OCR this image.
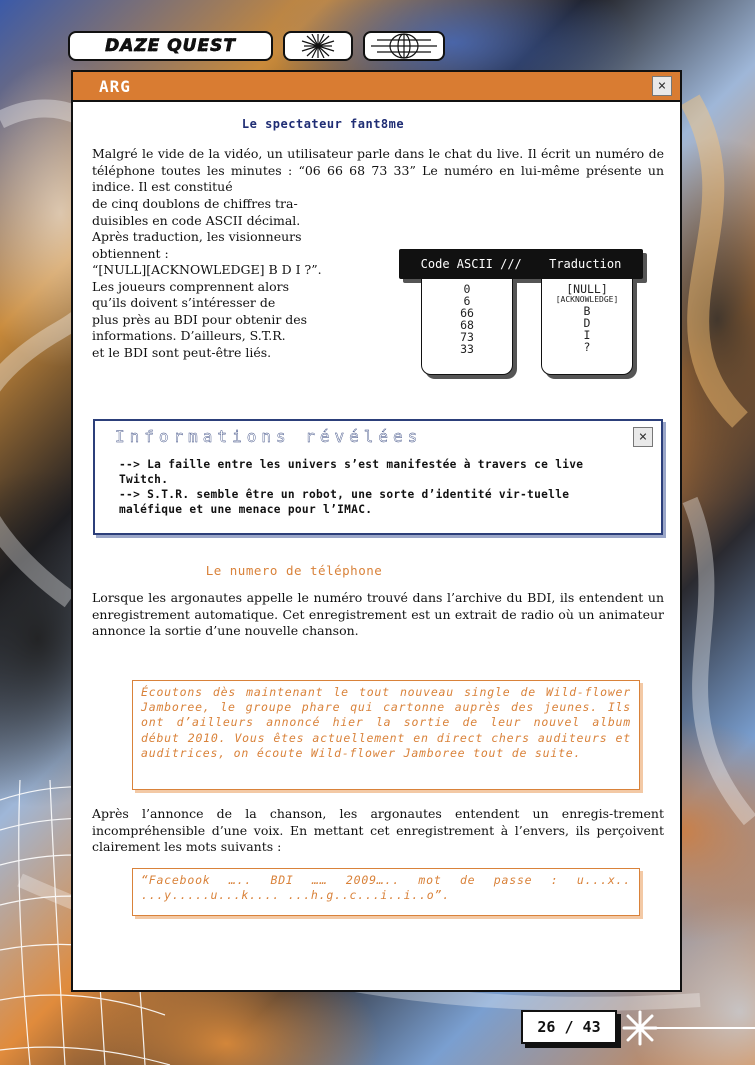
DAZE QUEST
ARG	×
Le spectateur fant8me

Malgré le vide de la vidéo, un utilisateur parle dans le chat du live. Il écrit un numéro de téléphone toutes les minutes : “06 66 68 73 33” Le numéro en lui-même présente un indice. Il est constitué

de cinq doublons de chiffres tra-
duisibles en code ASCII décimal.
Après traduction, les visionneurs
obtiennent :
“[NULL][ACKNOWLEDGE] B D I ?”.
Les joueurs comprennent alors
qu’ils doivent s’intéresser de
plus près au BDI pour obtenir des
informations. D’ailleurs, S.T.R.
et le BDI sont peut-être liés.

Code ASCII /// Traduction
0
6
66
68
73
33
[NULL]
[ACKNOWLEDGE]
B
D
I
?
Informations révélées	×
--> La faille entre les univers s’est manifestée à travers ce live Twitch.
--> S.T.R. semble être un robot, une sorte d’identité vir-tuelle maléfique et une menace pour l’IMAC.
Le numero de téléphone

Lorsque les argonautes appelle le numéro trouvé dans l’archive du BDI, ils entendent un enregistrement automatique. Cet enregistrement est un extrait de radio où un animateur annonce la sortie d’une nouvelle chanson.

Écoutons dès maintenant le tout nouveau single de Wild-flower Jamboree, le groupe phare qui cartonne auprès des jeunes. Ils ont d’ailleurs annoncé hier la sortie de leur nouvel album début 2010. Vous êtes actuellement en direct chers auditeurs et auditrices, on écoute Wild-flower Jamboree tout de suite.

Après l’annonce de la chanson, les argonautes entendent un enregis-trement incompréhensible d’une voix. En mettant cet enregistrement à l’envers, ils perçoivent clairement les mots suivants :

“Facebook ….. BDI …… 2009….. mot de passe : u...x.. ...y.....u...k.... ...h.g..c...i..i..o”.
26 / 43
